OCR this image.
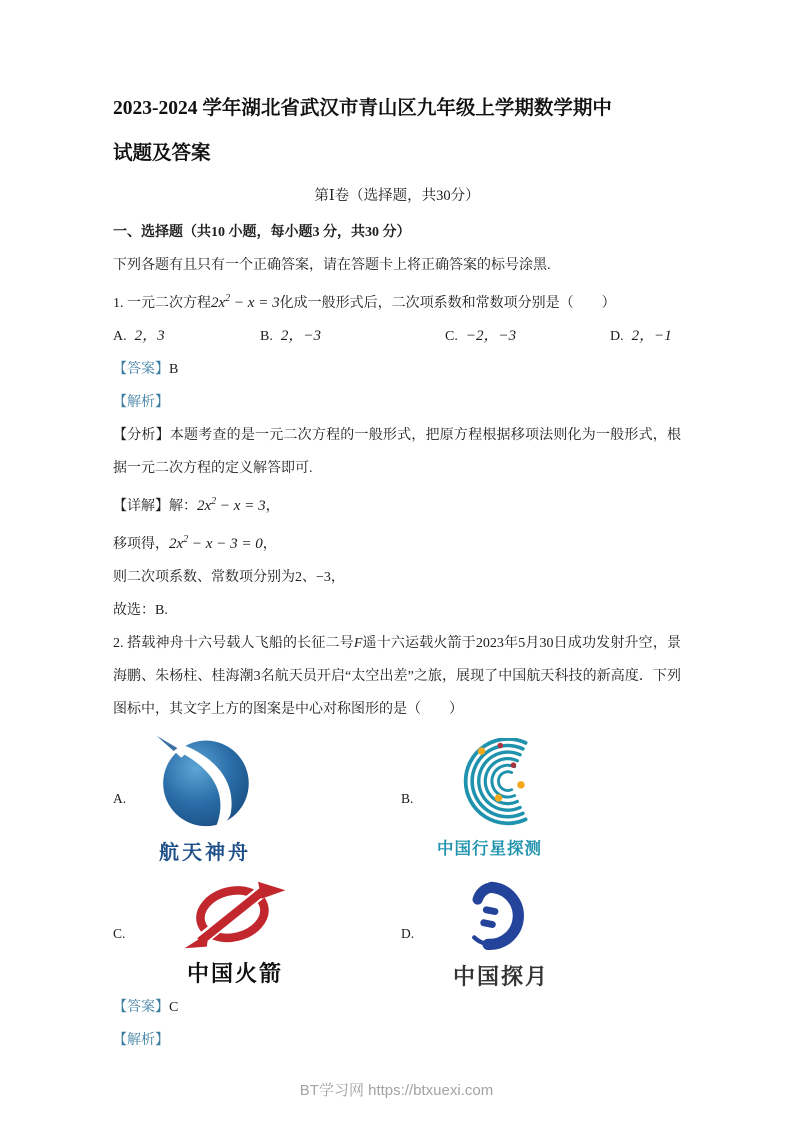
2023-2024 学年湖北省武汉市青山区九年级上学期数学期中
试题及答案
第Ⅰ卷（选择题，共30分）

一、选择题（共10 小题，每小题3 分，共30 分）

下列各题有且只有一个正确答案，请在答题卡上将正确答案的标号涂黑.

1. 一元二次方程$2x^2 - x = 3$化成一般形式后，二次项系数和常数项分别是（　　）

A. 2，3	B. 2，−3	C. −2，−3	D. 2，−1

【答案】B

【解析】

【分析】本题考查的是一元二次方程的一般形式，把原方程根据移项法则化为一般形式，根据一元二次方程的定义解答即可.

【详解】解：$2x^2 - x = 3$，

移项得，$2x^2 - x - 3 = 0$，

则二次项系数、常数项分别为2、−3，

故选：B.

2. 搭载神舟十六号载人飞船的长征二号F遥十六运载火箭于2023年5月30日成功发射升空，景海鹏、朱杨柱、桂海潮3名航天员开启“太空出差”之旅，展现了中国航天科技的新高度．下列图标中，其文字上方的图案是中心对称图形的是（　　）

A.
航天神舟
B.
中国行星探测
C.
中国火箭
D.
中国探月

【答案】C

【解析】

BT学习网 https://btxuexi.com
